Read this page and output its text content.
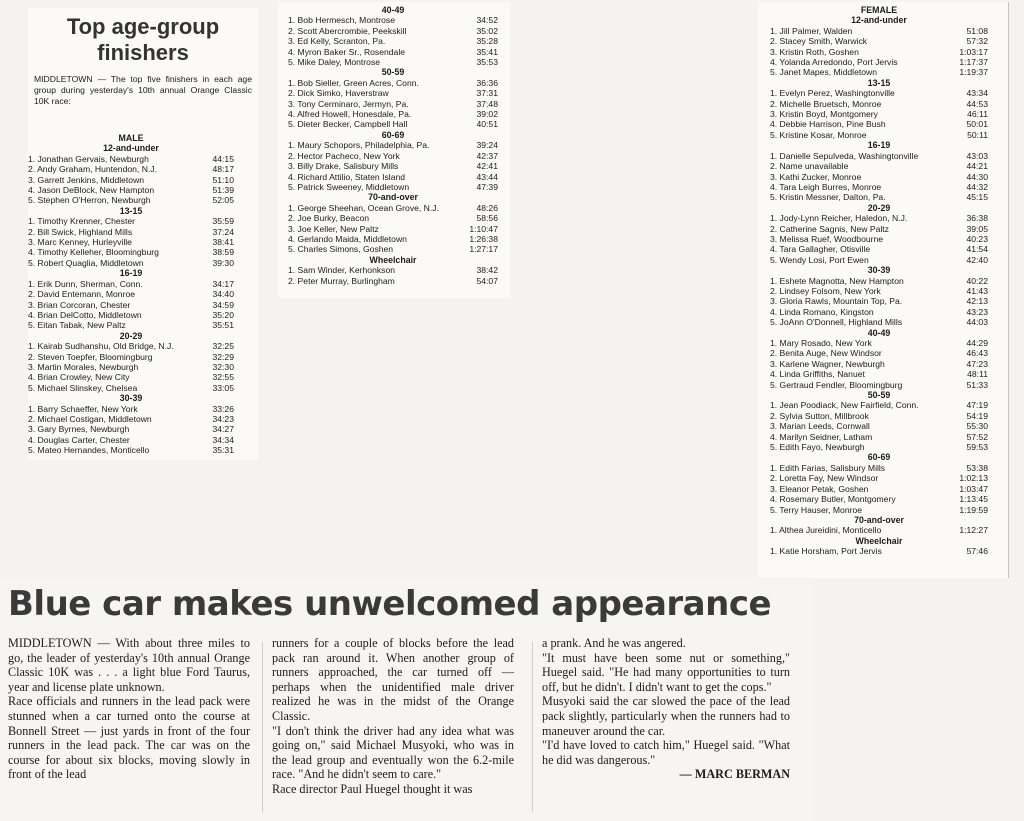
Top age-group finishers
MIDDLETOWN — The top five finishers in each age group during yesterday's 10th annual Orange Classic 10K race:
MALE
12-and-under
1. Jonathan Gervais, Newburgh	44:15
2. Andy Graham, Huntendon, N.J.	48:17
3. Garrett Jenkins, Middletown	51:10
4. Jason DeBlock, New Hampton	51:39
5. Stephen O'Herron, Newburgh	52:05
13-15
1. Timothy Krenner, Chester	35:59
2. Bill Swick, Highland Mills	37:24
3. Marc Kenney, Hurleyville	38:41
4. Timothy Kelleher, Bloomingburg	38:59
5. Robert Quaglia, Middletown	39:30
16-19
1. Erik Dunn, Sherman, Conn.	34:17
2. David Entemann, Monroe	34:40
3. Brian Corcoran, Chester	34:59
4. Brian DelCotto, Middletown	35:20
5. Eitan Tabak, New Paltz	35:51
20-29
1. Kairab Sudhanshu, Old Bridge, N.J.	32:25
2. Steven Toepfer, Bloomingburg	32:29
3. Martin Morales, Newburgh	32:30
4. Brian Crowley, New City	32:55
5. Michael Slinskey, Chelsea	33:05
30-39
1. Barry Schaeffer, New York	33:26
2. Michael Costigan, Middletown	34:23
3. Gary Byrnes, Newburgh	34:27
4. Douglas Carter, Chester	34:34
5. Mateo Hernandes, Monticello	35:31
40-49
1. Bob Hermesch, Montrose	34:52
2. Scott Abercrombie, Peekskill	35:02
3. Ed Kelly, Scranton, Pa.	35:28
4. Myron Baker Sr., Rosendale	35:41
5. Mike Daley, Montrose	35:53
50-59
1. Bob Sieller, Green Acres, Conn.	36:36
2. Dick Simko, Haverstraw	37:31
3. Tony Cerminaro, Jermyn, Pa.	37:48
4. Alfred Howell, Honesdale, Pa.	39:02
5. Dieter Becker, Campbell Hall	40:51
60-69
1. Maury Schopors, Philadelphia, Pa.	39:24
2. Hector Pacheco, New York	42:37
3. Billy Drake, Salisbury Mills	42:41
4. Richard Attilio, Staten Island	43:44
5. Patrick Sweeney, Middletown	47:39
70-and-over
1. George Sheehan, Ocean Grove, N.J.	48:26
2. Joe Burky, Beacon	58:56
3. Joe Keller, New Paltz	1:10:47
4. Gerlando Maida, Middletown	1:26:38
5. Charles Simons, Goshen	1:27:17
Wheelchair
1. Sam Winder, Kerhonkson	38:42
2. Peter Murray, Burlingham	54:07
FEMALE
12-and-under
1. Jill Palmer, Walden	51:08
2. Stacey Smith, Warwick	57:32
3. Kristin Roth, Goshen	1:03:17
4. Yolanda Arredondo, Port Jervis	1:17:37
5. Janet Mapes, Middletown	1:19:37
13-15
1. Evelyn Perez, Washingtonville	43:34
2. Michelle Bruetsch, Monroe	44:53
3. Kristin Boyd, Montgomery	46:11
4. Debbie Harrison, Pine Bush	50:01
5. Kristine Kosar, Monroe	50:11
16-19
1. Danielle Sepulveda, Washingtonville	43:03
2. Name unavailable	44:21
3. Kathi Zucker, Monroe	44:30
4. Tara Leigh Burres, Monroe	44:32
5. Kristin Messner, Dalton, Pa.	45:15
20-29
1. Jody-Lynn Reicher, Haledon, N.J.	36:38
2. Catherine Sagnis, New Paltz	39:05
3. Melissa Ruef, Woodbourne	40:23
4. Tara Gallagher, Otisville	41:54
5. Wendy Losi, Port Ewen	42:40
30-39
1. Eshete Magnotta, New Hampton	40:22
2. Lindsey Folsom, New York	41:43
3. Gloria Rawls, Mountain Top, Pa.	42:13
4. Linda Romano, Kingston	43:23
5. JoAnn O'Donnell, Highland Mills	44:03
40-49
1. Mary Rosado, New York	44:29
2. Benita Auge, New Windsor	46:43
3. Karlene Wagner, Newburgh	47:23
4. Linda Griffiths, Nanuet	48:11
5. Gertraud Fendler, Bloomingburg	51:33
50-59
1. Jean Poodiack, New Fairfield, Conn.	47:19
2. Sylvia Sutton, Millbrook	54:19
3. Marian Leeds, Cornwall	55:30
4. Marilyn Seidner, Latham	57:52
5. Edith Fayo, Newburgh	59:53
60-69
1. Edith Farias, Salisbury Mills	53:38
2. Loretta Fay, New Windsor	1:02:13
3. Eleanor Petak, Goshen	1:03:47
4. Rosemary Butler, Montgomery	1:13:45
5. Terry Hauser, Monroe	1:19:59
70-and-over
1. Althea Jureidini, Monticello	1:12:27
Wheelchair
1. Katie Horsham, Port Jervis	57:46
Blue car makes unwelcomed appearance

MIDDLETOWN — With about three miles to go, the leader of yesterday's 10th annual Orange Classic 10K was . . . a light blue Ford Taurus, year and license plate unknown.

Race officials and runners in the lead pack were stunned when a car turned onto the course at Bonnell Street — just yards in front of the four runners in the lead pack. The car was on the course for about six blocks, moving slowly in front of the lead

runners for a couple of blocks before the lead pack ran around it. When another group of runners approached, the car turned off — perhaps when the unidentified male driver realized he was in the midst of the Orange Classic.

"I don't think the driver had any idea what was going on," said Michael Musyoki, who was in the lead group and eventually won the 6.2-mile race. "And he didn't seem to care."

Race director Paul Huegel thought it was

a prank. And he was angered.

"It must have been some nut or something," Huegel said. "He had many opportunities to turn off, but he didn't. I didn't want to get the cops."

Musyoki said the car slowed the pace of the lead pack slightly, particularly when the runners had to maneuver around the car.

"I'd have loved to catch him," Huegel said. "What he did was dangerous."

— MARC BERMAN
